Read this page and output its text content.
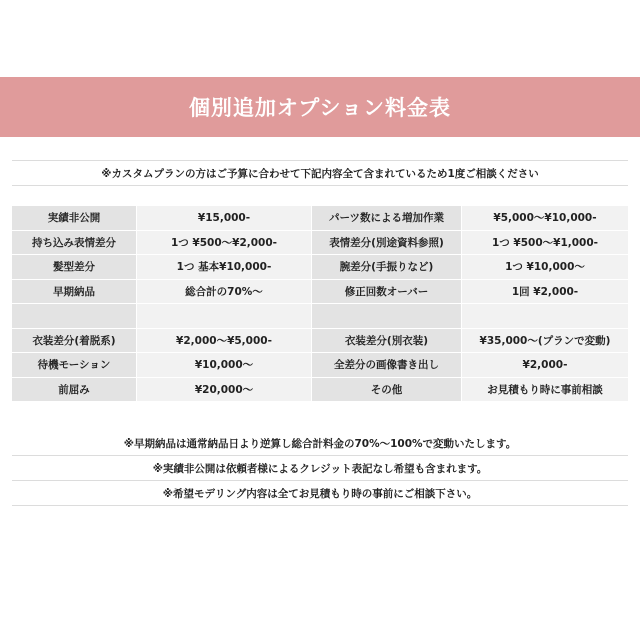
個別追加オプション料金表
※カスタムプランの方はご予算に合わせて下記内容全て含まれているため1度ご相談ください
実績非公開	¥15,000-	パーツ数による増加作業	¥5,000〜¥10,000-
持ち込み表情差分	1つ ¥500〜¥2,000-	表情差分(別途資料参照)	1つ ¥500〜¥1,000-
髪型差分	1つ 基本¥10,000-	腕差分(手振りなど)	1つ ¥10,000〜
早期納品	総合計の70%〜	修正回数オーバー	1回 ¥2,000-
衣装差分(着脱系)	¥2,000〜¥5,000-	衣装差分(別衣装)	¥35,000〜(プランで変動)
待機モーション	¥10,000〜	全差分の画像書き出し	¥2,000-
前屈み	¥20,000〜	その他	お見積もり時に事前相談
※早期納品は通常納品日より逆算し総合計料金の70%〜100%で変動いたします。
※実績非公開は依頼者様によるクレジット表記なし希望も含まれます。
※希望モデリング内容は全てお見積もり時の事前にご相談下さい。
